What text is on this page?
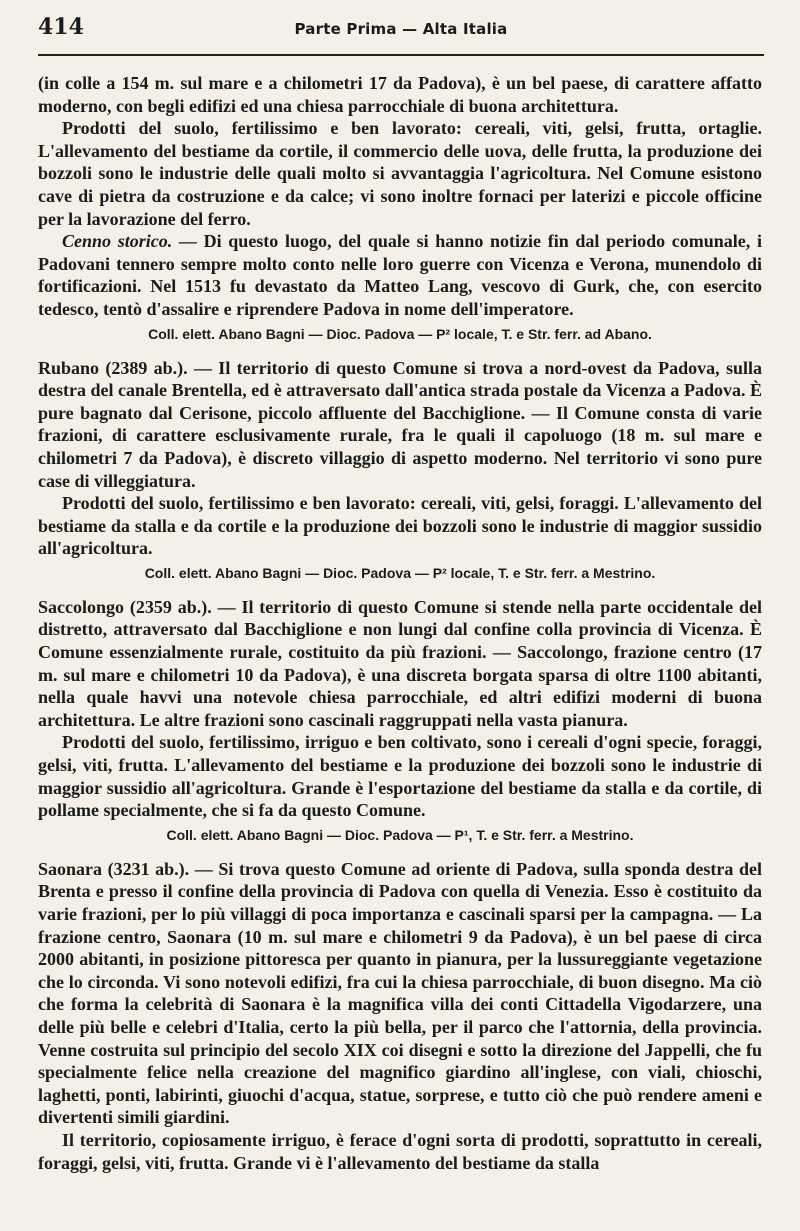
414	Parte Prima — Alta Italia

(in colle a 154 m. sul mare e a chilometri 17 da Padova), è un bel paese, di carattere affatto moderno, con begli edifizi ed una chiesa parrocchiale di buona architettura.

Prodotti del suolo, fertilissimo e ben lavorato: cereali, viti, gelsi, frutta, ortaglie. L'allevamento del bestiame da cortile, il commercio delle uova, delle frutta, la produzione dei bozzoli sono le industrie delle quali molto si avvantaggia l'agricoltura. Nel Comune esistono cave di pietra da costruzione e da calce; vi sono inoltre fornaci per laterizi e piccole officine per la lavorazione del ferro.

Cenno storico. — Di questo luogo, del quale si hanno notizie fin dal periodo comunale, i Padovani tennero sempre molto conto nelle loro guerre con Vicenza e Verona, munendolo di fortificazioni. Nel 1513 fu devastato da Matteo Lang, vescovo di Gurk, che, con esercito tedesco, tentò d'assalire e riprendere Padova in nome dell'imperatore.

Coll. elett. Abano Bagni — Dioc. Padova — P² locale, T. e Str. ferr. ad Abano.

Rubano (2389 ab.). — Il territorio di questo Comune si trova a nord-ovest da Padova, sulla destra del canale Brentella, ed è attraversato dall'antica strada postale da Vicenza a Padova. È pure bagnato dal Cerisone, piccolo affluente del Bacchiglione. — Il Comune consta di varie frazioni, di carattere esclusivamente rurale, fra le quali il capoluogo (18 m. sul mare e chilometri 7 da Padova), è discreto villaggio di aspetto moderno. Nel territorio vi sono pure case di villeggiatura.

Prodotti del suolo, fertilissimo e ben lavorato: cereali, viti, gelsi, foraggi. L'allevamento del bestiame da stalla e da cortile e la produzione dei bozzoli sono le industrie di maggior sussidio all'agricoltura.

Coll. elett. Abano Bagni — Dioc. Padova — P² locale, T. e Str. ferr. a Mestrino.

Saccolongo (2359 ab.). — Il territorio di questo Comune si stende nella parte occidentale del distretto, attraversato dal Bacchiglione e non lungi dal confine colla provincia di Vicenza. È Comune essenzialmente rurale, costituito da più frazioni. — Saccolongo, frazione centro (17 m. sul mare e chilometri 10 da Padova), è una discreta borgata sparsa di oltre 1100 abitanti, nella quale havvi una notevole chiesa parrocchiale, ed altri edifizi moderni di buona architettura. Le altre frazioni sono cascinali raggruppati nella vasta pianura.

Prodotti del suolo, fertilissimo, irriguo e ben coltivato, sono i cereali d'ogni specie, foraggi, gelsi, viti, frutta. L'allevamento del bestiame e la produzione dei bozzoli sono le industrie di maggior sussidio all'agricoltura. Grande è l'esportazione del bestiame da stalla e da cortile, di pollame specialmente, che si fa da questo Comune.

Coll. elett. Abano Bagni — Dioc. Padova — P¹, T. e Str. ferr. a Mestrino.

Saonara (3231 ab.). — Si trova questo Comune ad oriente di Padova, sulla sponda destra del Brenta e presso il confine della provincia di Padova con quella di Venezia. Esso è costituito da varie frazioni, per lo più villaggi di poca importanza e cascinali sparsi per la campagna. — La frazione centro, Saonara (10 m. sul mare e chilometri 9 da Padova), è un bel paese di circa 2000 abitanti, in posizione pittoresca per quanto in pianura, per la lussureggiante vegetazione che lo circonda. Vi sono notevoli edifizi, fra cui la chiesa parrocchiale, di buon disegno. Ma ciò che forma la celebrità di Saonara è la magnifica villa dei conti Cittadella Vigodarzere, una delle più belle e celebri d'Italia, certo la più bella, per il parco che l'attornia, della provincia. Venne costruita sul principio del secolo XIX coi disegni e sotto la direzione del Jappelli, che fu specialmente felice nella creazione del magnifico giardino all'inglese, con viali, chioschi, laghetti, ponti, labirinti, giuochi d'acqua, statue, sorprese, e tutto ciò che può rendere ameni e divertenti simili giardini.

Il territorio, copiosamente irriguo, è ferace d'ogni sorta di prodotti, soprattutto in cereali, foraggi, gelsi, viti, frutta. Grande vi è l'allevamento del bestiame da stalla
